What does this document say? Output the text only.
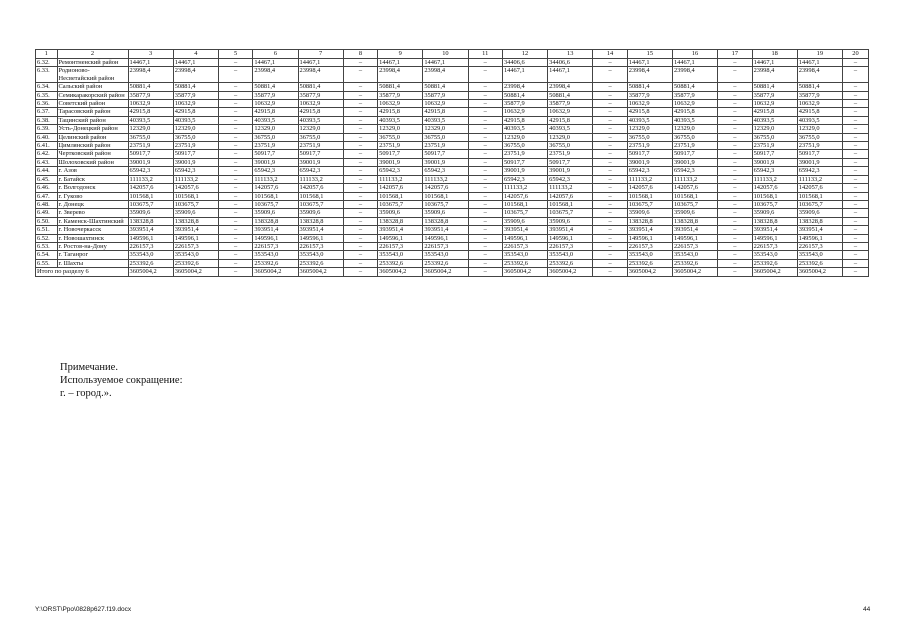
1	2	3	4	5	6	7	8	9	10	11	12	13	14	15	16	17	18	19	20
6.32.	Ремонтненский район	14467,1	14467,1	–	14467,1	14467,1	–	14467,1	14467,1	–	34406,6	34406,6	–	14467,1	14467,1	–	14467,1	14467,1	–
6.33.	Родионово-Несветайский район	23998,4	23998,4	–	23998,4	23998,4	–	23998,4	23998,4	–	14467,1	14467,1	–	23998,4	23998,4	–	23998,4	23998,4	–
6.34.	Сальский район	50881,4	50881,4	–	50881,4	50881,4	–	50881,4	50881,4	–	23998,4	23998,4	–	50881,4	50881,4	–	50881,4	50881,4	–
6.35.	Семикаракорский район	35877,9	35877,9	–	35877,9	35877,9	–	35877,9	35877,9	–	50881,4	50881,4	–	35877,9	35877,9	–	35877,9	35877,9	–
6.36.	Советский район	10632,9	10632,9	–	10632,9	10632,9	–	10632,9	10632,9	–	35877,9	35877,9	–	10632,9	10632,9	–	10632,9	10632,9	–
6.37.	Тарасовский район	42915,8	42915,8	–	42915,8	42915,8	–	42915,8	42915,8	–	10632,9	10632,9	–	42915,8	42915,8	–	42915,8	42915,8	–
6.38.	Тацинский район	40393,5	40393,5	–	40393,5	40393,5	–	40393,5	40393,5	–	42915,8	42915,8	–	40393,5	40393,5	–	40393,5	40393,5	–
6.39.	Усть-Донецкий район	12329,0	12329,0	–	12329,0	12329,0	–	12329,0	12329,0	–	40393,5	40393,5	–	12329,0	12329,0	–	12329,0	12329,0	–
6.40.	Целинский район	36755,0	36755,0	–	36755,0	36755,0	–	36755,0	36755,0	–	12329,0	12329,0	–	36755,0	36755,0	–	36755,0	36755,0	–
6.41.	Цимлянский район	23751,9	23751,9	–	23751,9	23751,9	–	23751,9	23751,9	–	36755,0	36755,0	–	23751,9	23751,9	–	23751,9	23751,9	–
6.42.	Чертковский район	50917,7	50917,7	–	50917,7	50917,7	–	50917,7	50917,7	–	23751,9	23751,9	–	50917,7	50917,7	–	50917,7	50917,7	–
6.43.	Шолоховский район	39001,9	39001,9	–	39001,9	39001,9	–	39001,9	39001,9	–	50917,7	50917,7	–	39001,9	39001,9	–	39001,9	39001,9	–
6.44.	г. Азов	65942,3	65942,3	–	65942,3	65942,3	–	65942,3	65942,3	–	39001,9	39001,9	–	65942,3	65942,3	–	65942,3	65942,3	–
6.45.	г. Батайск	111133,2	111133,2	–	111133,2	111133,2	–	111133,2	111133,2	–	65942,3	65942,3	–	111133,2	111133,2	–	111133,2	111133,2	–
6.46.	г. Волгодонск	142057,6	142057,6	–	142057,6	142057,6	–	142057,6	142057,6	–	111133,2	111133,2	–	142057,6	142057,6	–	142057,6	142057,6	–
6.47.	г. Гуково	101568,1	101568,1	–	101568,1	101568,1	–	101568,1	101568,1	–	142057,6	142057,6	–	101568,1	101568,1	–	101568,1	101568,1	–
6.48.	г. Донецк	103675,7	103675,7	–	103675,7	103675,7	–	103675,7	103675,7	–	101568,1	101568,1	–	103675,7	103675,7	–	103675,7	103675,7	–
6.49.	г. Зверево	35909,6	35909,6	–	35909,6	35909,6	–	35909,6	35909,6	–	103675,7	103675,7	–	35909,6	35909,6	–	35909,6	35909,6	–
6.50.	г. Каменск-Шахтинский	138328,8	138328,8	–	138328,8	138328,8	–	138328,8	138328,8	–	35909,6	35909,6	–	138328,8	138328,8	–	138328,8	138328,8	–
6.51.	г. Новочеркасск	393951,4	393951,4	–	393951,4	393951,4	–	393951,4	393951,4	–	393951,4	393951,4	–	393951,4	393951,4	–	393951,4	393951,4	–
6.52.	г. Новошахтинск	149596,1	149596,1	–	149596,1	149596,1	–	149596,1	149596,1	–	149596,1	149596,1	–	149596,1	149596,1	–	149596,1	149596,1	–
6.53.	г. Ростов-на-Дону	226157,3	226157,3	–	226157,3	226157,3	–	226157,3	226157,3	–	226157,3	226157,3	–	226157,3	226157,3	–	226157,3	226157,3	–
6.54.	г. Таганрог	353543,0	353543,0	–	353543,0	353543,0	–	353543,0	353543,0	–	353543,0	353543,0	–	353543,0	353543,0	–	353543,0	353543,0	–
6.55.	г. Шахты	253392,6	253392,6	–	253392,6	253392,6	–	253392,6	253392,6	–	253392,6	253392,6	–	253392,6	253392,6	–	253392,6	253392,6	–
Итого по разделу 6		3605004,2	3605004,2	–	3605004,2	3605004,2	–	3605004,2	3605004,2	–	3605004,2	3605004,2	–	3605004,2	3605004,2	–	3605004,2	3605004,2	–
Примечание.
Используемое сокращение:
г. – город.».
Y:\ORST\Ppo\0828p627.f19.docx	44
